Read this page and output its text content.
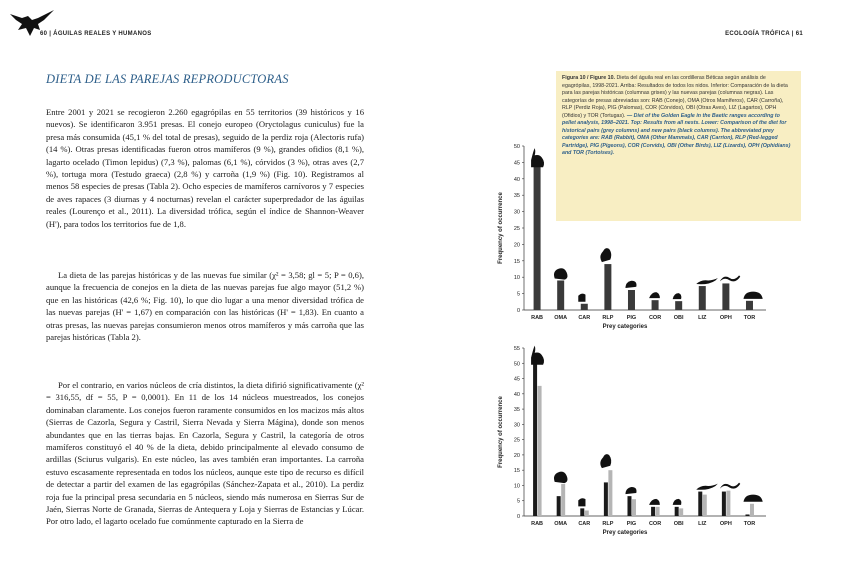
60 | ÁGUILAS REALES Y HUMANOS	ECOLOGÍA TRÓFICA | 61
DIETA DE LAS PAREJAS REPRODUCTORAS

Entre 2001 y 2021 se recogieron 2.260 egagrópilas en 55 territorios (39 históricos y 16 nuevos). Se identificaron 3.951 presas. El conejo europeo (Oryctolagus cuniculus) fue la presa más consumida (45,1 % del total de presas), seguido de la perdiz roja (Alectoris rufa) (14 %). Otras presas identificadas fueron otros mamíferos (9 %), grandes ofidios (8,1 %), lagarto ocelado (Timon lepidus) (7,3 %), palomas (6,1 %), córvidos (3 %), otras aves (2,7 %), tortuga mora (Testudo graeca) (2,8 %) y carroña (1,9 %) (Fig. 10). Registramos al menos 58 especies de presas (Tabla 2). Ocho especies de mamíferos carnívoros y 7 especies de aves rapaces (3 diurnas y 4 nocturnas) revelan el carácter superpredador de las águilas reales (Lourenço et al., 2011). La diversidad trófica, según el índice de Shannon-Weaver (H'), para todos los territorios fue de 1,8.

La dieta de las parejas históricas y de las nuevas fue similar (χ² = 3,58; gl = 5; P = 0,6), aunque la frecuencia de conejos en la dieta de las nuevas parejas fue algo mayor (51,2 %) que en las históricas (42,6 %; Fig. 10), lo que dio lugar a una menor diversidad trófica de las nuevas parejas (H' = 1,67) en comparación con las históricas (H' = 1,83). En cuanto a otras presas, las nuevas parejas consumieron menos otros mamíferos y más carroña que las parejas históricas (Tabla 2).

Por el contrario, en varios núcleos de cría distintos, la dieta difirió significativamente (χ² = 316,55, df = 55, P = 0,0001). En 11 de los 14 núcleos muestreados, los conejos dominaban claramente. Los conejos fueron raramente consumidos en los macizos más altos (Sierras de Cazorla, Segura y Castril, Sierra Nevada y Sierra Mágina), donde son menos abundantes que en las tierras bajas. En Cazorla, Segura y Castril, la categoría de otros mamíferos constituyó el 40 % de la dieta, debido principalmente al elevado consumo de ardillas (Sciurus vulgaris). En este núcleo, las aves también eran importantes. La carroña estuvo escasamente representada en todos los núcleos, aunque este tipo de recurso es difícil de detectar a partir del examen de las egagrópilas (Sánchez-Zapata et al., 2010). La perdiz roja fue la principal presa secundaria en 5 núcleos, siendo más numerosa en Sierras Sur de Jaén, Sierras Norte de Granada, Sierras de Antequera y Loja y Sierras de Estancias y Lúcar. Por otro lado, el lagarto ocelado fue comúnmente capturado en la Sierra de

Figura 10 / Figure 10. Dieta del águila real en las cordilleras Béticas según análisis de egagrópilas, 1998-2021. Arriba: Resultados de todos los nidos. Inferior: Comparación de la dieta para las parejas históricas (columnas grises) y las nuevas parejas (columnas negras). Las categorías de presas abreviadas son: RAB (Conejo), OMA (Otros Mamíferos), CAR (Carroña), RLP (Perdiz Roja), PIG (Palomas), COR (Córvidos), OBI (Otras Aves), LIZ (Lagartos), OPH (Ofidios) y TOR (Tortugas). — Diet of the Golden Eagle in the Baetic ranges according to pellet analysis, 1998–2021. Top: Results from all nests. Lower: Comparison of the diet for historical pairs (grey columns) and new pairs (black columns). The abbreviated prey categories are: RAB (Rabbit), OMA (Other Mammals), CAR (Carrion), RLP (Red-legged Partridge), PIG (Pigeons), COR (Corvids), OBI (Other Birds), LIZ (Lizards), OPH (Ophidians) and TOR (Tortoises).
0
5
10
15
20
25
30
35
40
45
50
Frequency of occurrence
RAB OMA CAR RLP PIG COR OBI	LIZ OPH TOR
Prey categories
0
5
10
15
20
25
30
35
40
45
50
55
Frequency of occurrence
RAB OMA CAR RLP PIG COR OBI	LIZ OPH TOR
Prey categories
